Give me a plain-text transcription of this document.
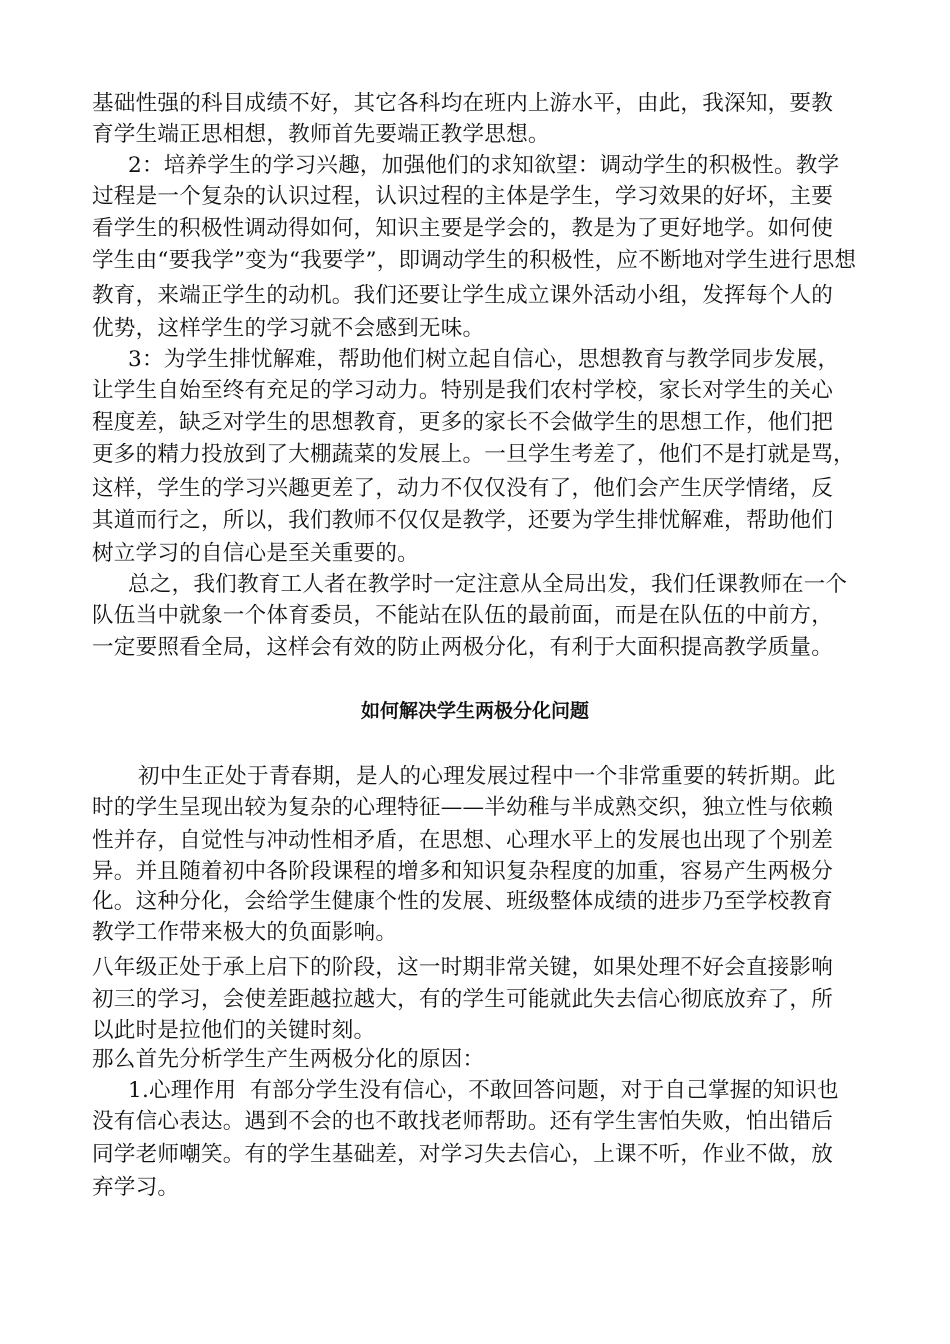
基础性强的科目成绩不好，其它各科均在班内上游水平，由此，我深知，要教

育学生端正思相想，教师首先要端正教学思想。

2：培养学生的学习兴趣，加强他们的求知欲望：调动学生的积极性。教学

过程是一个复杂的认识过程，认识过程的主体是学生，学习效果的好坏，主要

看学生的积极性调动得如何，知识主要是学会的，教是为了更好地学。如何使

学生由“要我学”变为“我要学”，即调动学生的积极性，应不断地对学生进行思想

教育，来端正学生的动机。我们还要让学生成立课外活动小组，发挥每个人的

优势，这样学生的学习就不会感到无味。

3：为学生排忧解难，帮助他们树立起自信心，思想教育与教学同步发展，

让学生自始至终有充足的学习动力。特别是我们农村学校，家长对学生的关心

程度差，缺乏对学生的思想教育，更多的家长不会做学生的思想工作，他们把

更多的精力投放到了大棚蔬菜的发展上。一旦学生考差了，他们不是打就是骂，

这样，学生的学习兴趣更差了，动力不仅仅没有了，他们会产生厌学情绪，反

其道而行之，所以，我们教师不仅仅是教学，还要为学生排忧解难，帮助他们

树立学习的自信心是至关重要的。

总之，我们教育工人者在教学时一定注意从全局出发，我们任课教师在一个

队伍当中就象一个体育委员，不能站在队伍的最前面，而是在队伍的中前方，

一定要照看全局，这样会有效的防止两极分化，有利于大面积提高教学质量。

如何解决学生两极分化问题

初中生正处于青春期，是人的心理发展过程中一个非常重要的转折期。此

时的学生呈现出较为复杂的心理特征——半幼稚与半成熟交织，独立性与依赖

性并存，自觉性与冲动性相矛盾，在思想、心理水平上的发展也出现了个别差

异。并且随着初中各阶段课程的增多和知识复杂程度的加重，容易产生两极分

化。这种分化，会给学生健康个性的发展、班级整体成绩的进步乃至学校教育

教学工作带来极大的负面影响。

八年级正处于承上启下的阶段，这一时期非常关键，如果处理不好会直接影响

初三的学习，会使差距越拉越大，有的学生可能就此失去信心彻底放弃了，所

以此时是拉他们的关键时刻。

那么首先分析学生产生两极分化的原因：

1.心理作用  有部分学生没有信心，不敢回答问题，对于自己掌握的知识也

没有信心表达。遇到不会的也不敢找老师帮助。还有学生害怕失败，怕出错后

同学老师嘲笑。有的学生基础差，对学习失去信心，上课不听，作业不做，放

弃学习。
